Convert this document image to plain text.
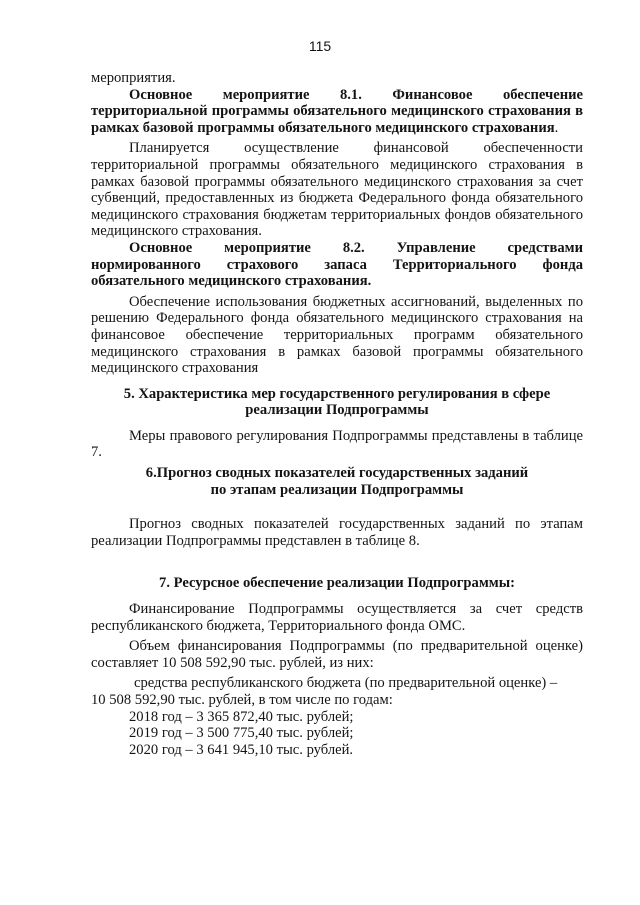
115

мероприятия.

Основное мероприятие 8.1. Финансовое обеспечение территориальной программы обязательного медицинского страхования в рамках базовой программы обязательного медицинского страхования.

Планируется осуществление финансовой обеспеченности территориальной программы обязательного медицинского страхования в рамках базовой программы обязательного медицинского страхования за счет субвенций, предоставленных из бюджета Федерального фонда обязательного медицинского страхования бюджетам территориальных фондов обязательного медицинского страхования.

Основное мероприятие 8.2. Управление средствами нормированного страхового запаса Территориального фонда обязательного медицинского страхования.

Обеспечение использования бюджетных ассигнований, выделенных по решению Федерального фонда обязательного медицинского страхования на финансовое обеспечение территориальных программ обязательного медицинского страхования в рамках базовой программы обязательного медицинского страхования

5. Характеристика мер государственного регулирования в сфере
реализации Подпрограммы

Меры правового регулирования Подпрограммы представлены в таблице 7.

6.Прогноз сводных показателей государственных заданий
по этапам реализации Подпрограммы

Прогноз сводных показателей государственных заданий по этапам реализации Подпрограммы представлен в таблице 8.

7. Ресурсное обеспечение реализации Подпрограммы:

Финансирование Подпрограммы осуществляется за счет средств республиканского бюджета, Территориального фонда ОМС.

Объем финансирования Подпрограммы (по предварительной оценке) составляет 10 508 592,90 тыс. рублей, из них:

средства республиканского бюджета (по предварительной оценке) –
10 508 592,90 тыс. рублей, в том числе по годам:

2018 год – 3 365 872,40 тыс. рублей;
2019 год – 3 500 775,40 тыс. рублей;
2020 год – 3 641 945,10 тыс. рублей.
